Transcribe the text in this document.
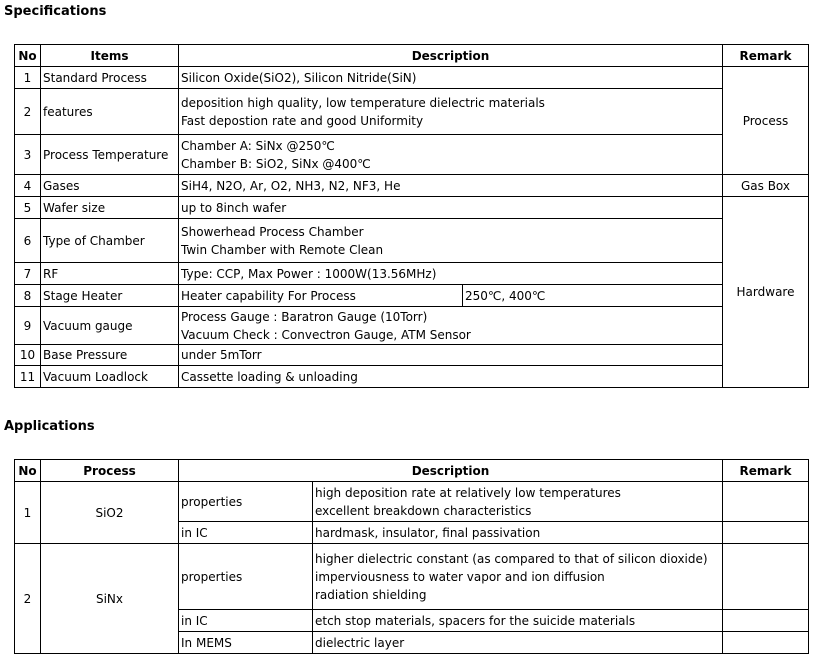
Specifications
No	Items	Description		Remark
1	Standard Process	Silicon Oxide(SiO2), Silicon Nitride(SiN)		Process
2	features	deposition high quality, low temperature dielectric materials
Fast depostion rate and good Uniformity		

3	Process Temperature	Chamber A: SiNx @250℃
Chamber B: SiO2, SiNx @400℃		

4	Gases	SiH4, N2O, Ar, O2, NH3, N2, NF3, He		Gas Box
5	Wafer size	up to 8inch wafer		Hardware
6	Type of Chamber	Showerhead Process Chamber
Twin Chamber with Remote Clean		

7	RF	Type: CCP, Max Power : 1000W(13.56MHz)		

8	Stage Heater	Heater capability For Process	250℃, 400℃	
9	Vacuum gauge	Process Gauge : Baratron Gauge (10Torr)
Vacuum Check : Convectron Gauge, ATM Sensor		

10	Base Pressure	under 5mTorr		

11	Vacuum Loadlock	Cassette loading & unloading		
Applications
No	Process	Description		Remark
1	SiO2	properties	high deposition rate at relatively low temperatures
excellent breakdown characteristics	

		in IC	hardmask, insulator, final passivation	

2	SiNx	properties	higher dielectric constant (as compared to that of silicon dioxide)
imperviousness to water vapor and ion diffusion
radiation shielding	

		in IC	etch stop materials, spacers for the suicide materials	

		In MEMS	dielectric layer	
